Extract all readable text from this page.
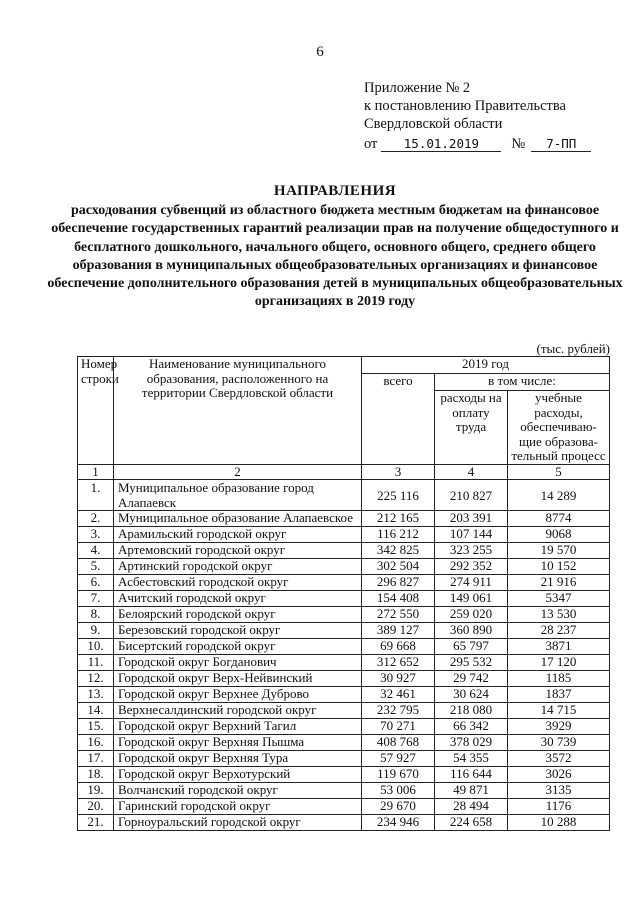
6
Приложение № 2
к постановлению Правительства
Свердловской области
от	15.01.2019	№	7-ПП
НАПРАВЛЕНИЯ
расходования субвенций из областного бюджета местным бюджетам на финансовое обеспечение государственных гарантий реализации прав на получение общедоступного и бесплатного дошкольного, начального общего, основного общего, среднего общего образования в муниципальных общеобразовательных организациях и финансовое обеспечение дополнительного образования детей в муниципальных общеобразовательных организациях в 2019 году
(тыс. рублей)
Номер строки	Наименование муниципального образования, расположенного на территории Свердловской области	2019 год		
		всего	в том числе:	
			расходы на оплату труда	учебные расходы, обеспечиваю-щие образова-тельный процесс
1	2	3	4	5
1.	Муниципальное образование город Алапаевск	225 116	210 827	14 289
2.	Муниципальное образование Алапаевское	212 165	203 391	8774
3.	Арамильский городской округ	116 212	107 144	9068
4.	Артемовский городской округ	342 825	323 255	19 570
5.	Артинский городской округ	302 504	292 352	10 152
6.	Асбестовский городской округ	296 827	274 911	21 916
7.	Ачитский городской округ	154 408	149 061	5347
8.	Белоярский городской округ	272 550	259 020	13 530
9.	Березовский городской округ	389 127	360 890	28 237
10.	Бисертский городской округ	69 668	65 797	3871
11.	Городской округ Богданович	312 652	295 532	17 120
12.	Городской округ Верх-Нейвинский	30 927	29 742	1185
13.	Городской округ Верхнее Дуброво	32 461	30 624	1837
14.	Верхнесалдинский городской округ	232 795	218 080	14 715
15.	Городской округ Верхний Тагил	70 271	66 342	3929
16.	Городской округ Верхняя Пышма	408 768	378 029	30 739
17.	Городской округ Верхняя Тура	57 927	54 355	3572
18.	Городской округ Верхотурский	119 670	116 644	3026
19.	Волчанский городской округ	53 006	49 871	3135
20.	Гаринский городской округ	29 670	28 494	1176
21.	Горноуральский городской округ	234 946	224 658	10 288
